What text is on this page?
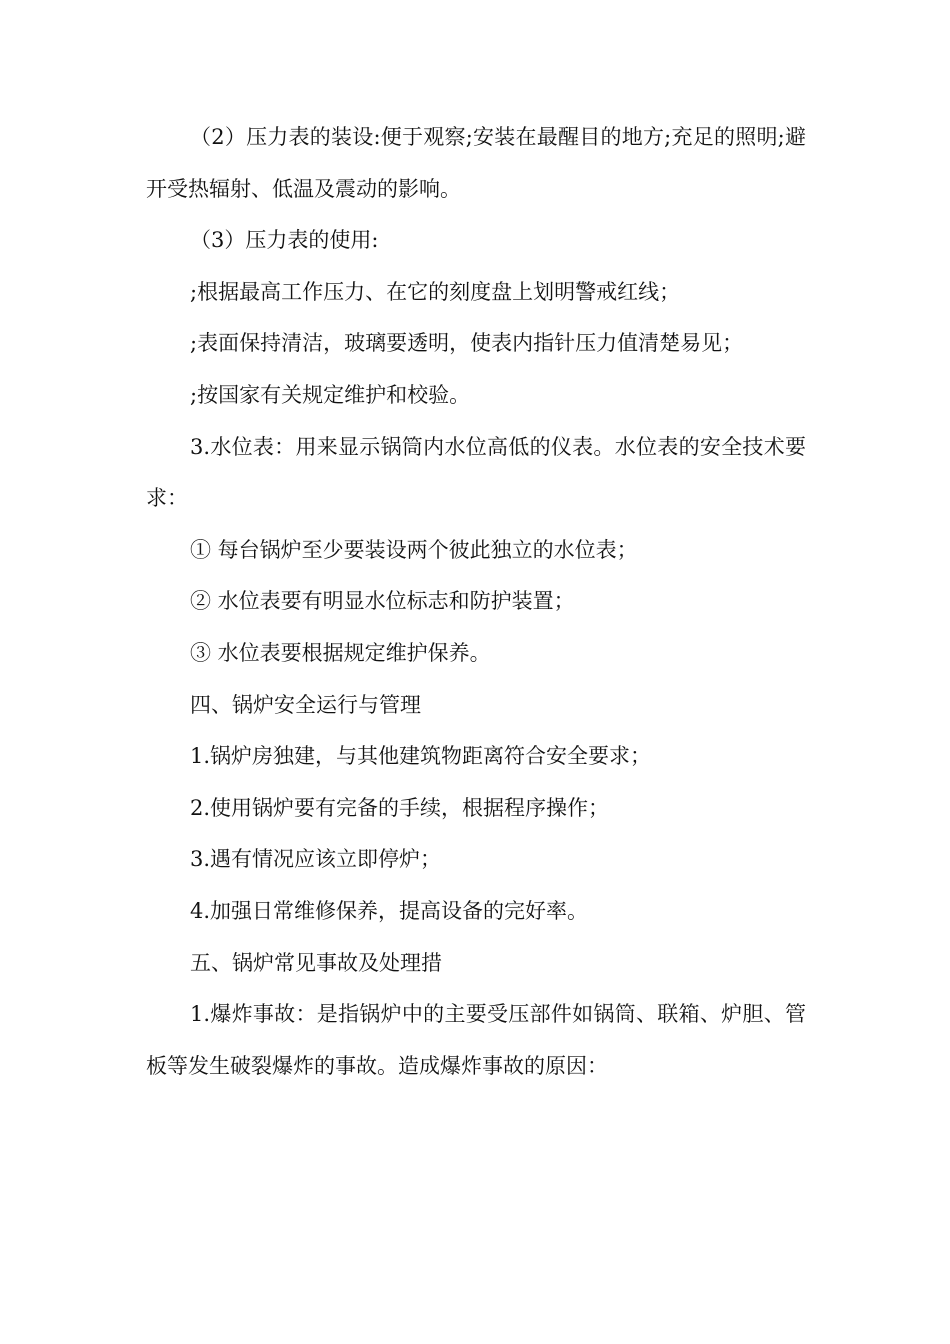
（2）压力表的装设:便于观察;安装在最醒目的地方;充足的照明;避开受热辐射、低温及震动的影响。

（3）压力表的使用:

;根据最高工作压力、在它的刻度盘上划明警戒红线；

;表面保持清洁，玻璃要透明，使表内指针压力值清楚易见；

;按国家有关规定维护和校验。

3.水位表：用来显示锅筒内水位高低的仪表。水位表的安全技术要求：

① 每台锅炉至少要装设两个彼此独立的水位表；

② 水位表要有明显水位标志和防护装置；

③ 水位表要根据规定维护保养。

四、锅炉安全运行与管理

1.锅炉房独建，与其他建筑物距离符合安全要求；

2.使用锅炉要有完备的手续，根据程序操作；

3.遇有情况应该立即停炉；

4.加强日常维修保养，提高设备的完好率。

五、锅炉常见事故及处理措

1.爆炸事故：是指锅炉中的主要受压部件如锅筒、联箱、炉胆、管板等发生破裂爆炸的事故。造成爆炸事故的原因：
